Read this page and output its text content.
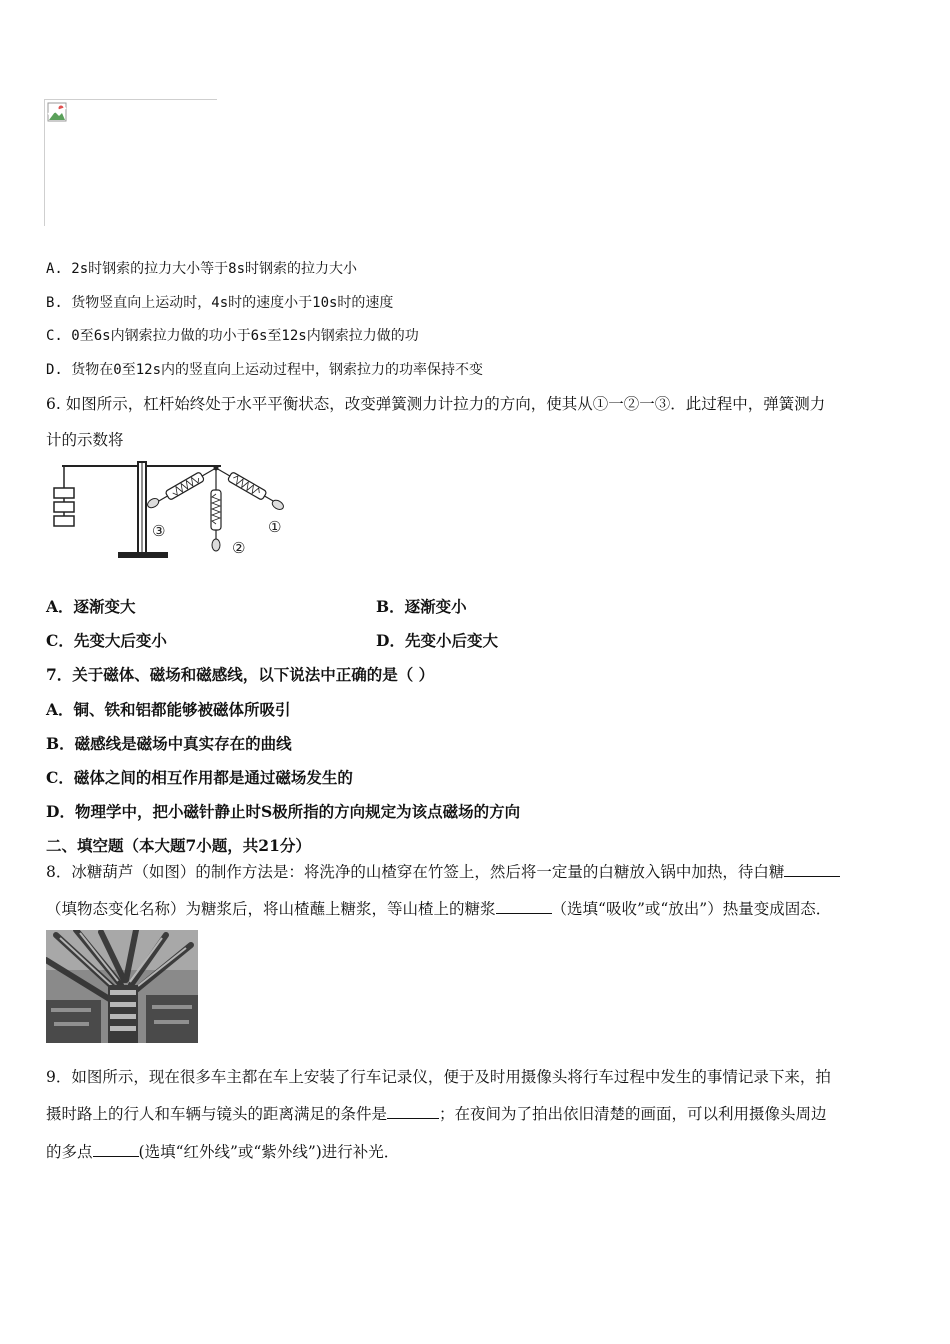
A. 2s时钢索的拉力大小等于8s时钢索的拉力大小
B. 货物竖直向上运动时，4s时的速度小于10s时的速度
C. 0至6s内钢索拉力做的功小于6s至12s内钢索拉力做的功
D. 货物在0至12s内的竖直向上运动过程中，钢索拉力的功率保持不变
6. 如图所示，杠杆始终处于水平平衡状态，改变弹簧测力计拉力的方向，使其从①一②一③．此过程中，弹簧测力
计的示数将
①
②
③
A．逐渐变大	B．逐渐变小
C．先变大后变小	D．先变小后变大
7．关于磁体、磁场和磁感线，以下说法中正确的是（ ）
A．铜、铁和铝都能够被磁体所吸引
B．磁感线是磁场中真实存在的曲线
C．磁体之间的相互作用都是通过磁场发生的
D．物理学中，把小磁针静止时S极所指的方向规定为该点磁场的方向
二、填空题（本大题7小题，共21分）
8．冰糖葫芦（如图）的制作方法是：将洗净的山楂穿在竹签上，然后将一定量的白糖放入锅中加热，待白糖
（填物态变化名称）为糖浆后，将山楂蘸上糖浆，等山楂上的糖浆	（选填“吸收”或“放出”）热量变成固态．
9．如图所示，现在很多车主都在车上安装了行车记录仪，便于及时用摄像头将行车过程中发生的事情记录下来，拍
摄时路上的行人和车辆与镜头的距离满足的条件是	；在夜间为了拍出依旧清楚的画面，可以利用摄像头周边
的多点	(选填“红外线”或“紫外线”)进行补光．
